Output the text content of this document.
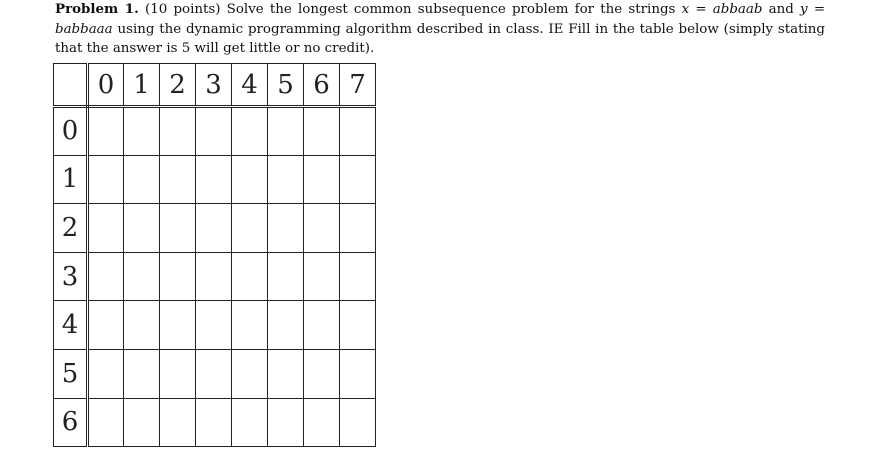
Problem 1. (10 points) Solve the longest common subsequence problem for the strings x = abbaab and y = babbaaa using the dynamic programming algorithm described in class. IE Fill in the table below (simply stating that the answer is 5 will get little or no credit).
	0	1	2	3	4	5	6	7
0								
1								
2								
3								
4								
5								
6								
